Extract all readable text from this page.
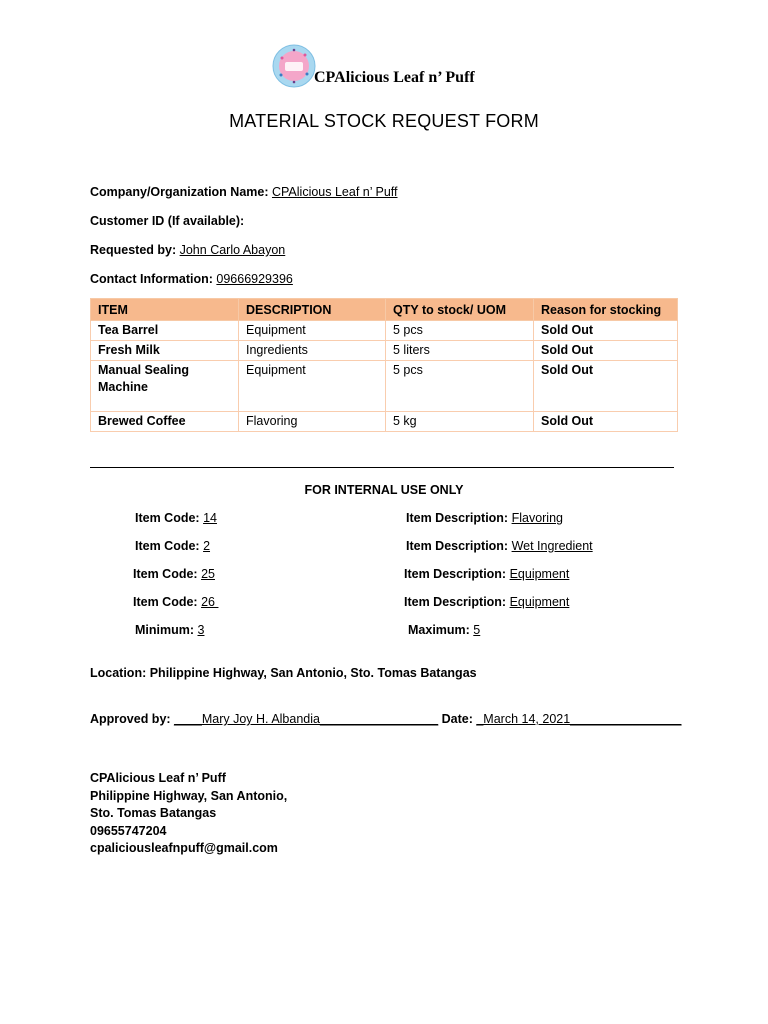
CPAlicious Leaf n’ Puff
MATERIAL STOCK REQUEST FORM
Company/Organization Name: CPAlicious Leaf n’ Puff
Customer ID (If available):
Requested by: John Carlo Abayon
Contact Information: 09666929396
ITEM	DESCRIPTION	QTY to stock/ UOM	Reason for stocking
Tea Barrel	Equipment	5 pcs	Sold Out
Fresh Milk	Ingredients	5 liters	Sold Out
Manual Sealing Machine	Equipment	5 pcs	Sold Out
Brewed Coffee	Flavoring	5 kg	Sold Out
FOR INTERNAL USE ONLY
Item Code: 14	Item Description: Flavoring
Item Code: 2	Item Description: Wet Ingredient
Item Code: 25	Item Description: Equipment
Item Code: 26	Item Description: Equipment
Minimum: 3	Maximum: 5
Location: Philippine Highway, San Antonio, Sto. Tomas Batangas
Approved by: ____Mary Joy H. Albandia_________________ Date: _March 14, 2021________________
CPAlicious Leaf n’ Puff
Philippine Highway, San Antonio,
Sto. Tomas Batangas
09655747204
cpaliciousleafnpuff@gmail.com
